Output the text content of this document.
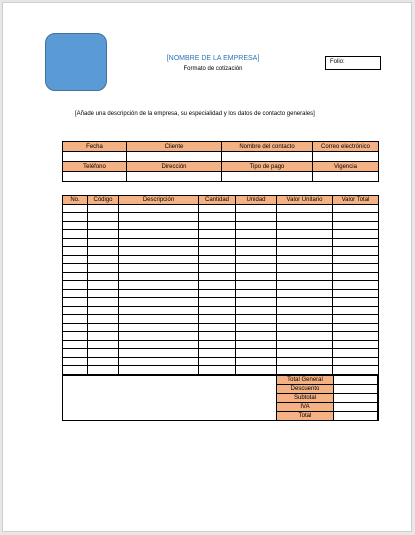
[NOMBRE DE LA EMPRESA]
Formato de cotización
Folio:
[Añade una descripción de la empresa, su especialidad y los datos de contacto generales]
Fecha	Cliente	Nombre del contacto	Correo electrónico

Teléfono	Dirección	Tipo de pago	Vigencia

No.	Código	Descripción	Cantidad	Unidad	Valor Unitario	Valor Total

Total General	
Descuento	
Subtotal	
IVA	
Total	
